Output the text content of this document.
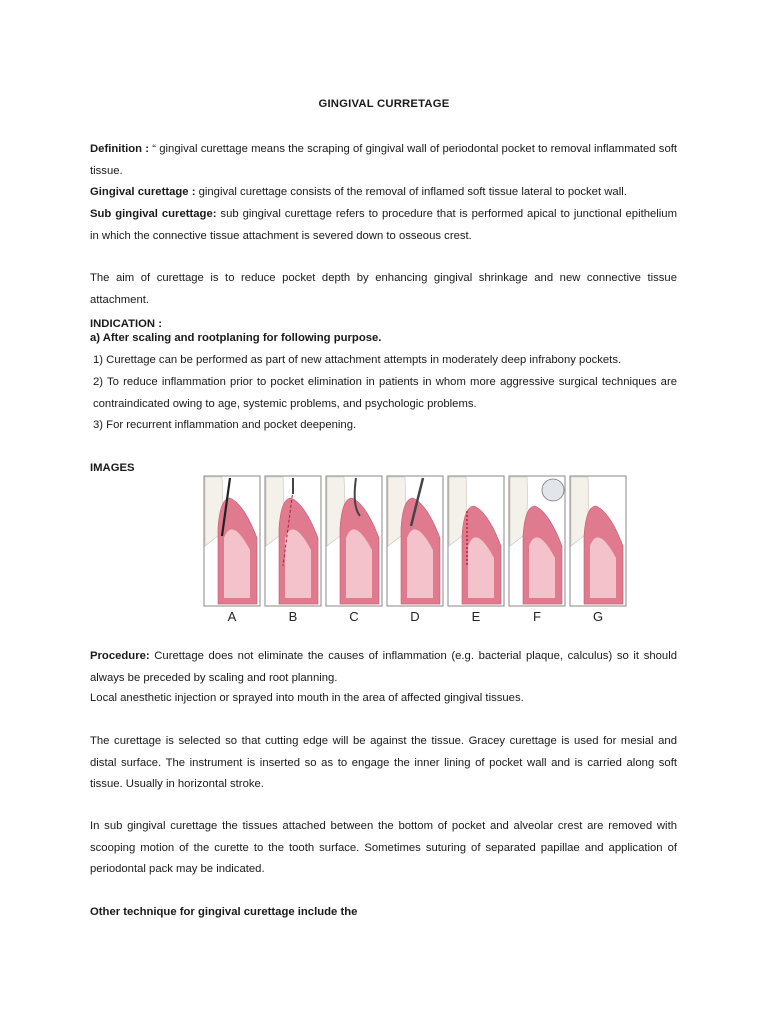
GINGIVAL CURRETAGE
Definition : “ gingival curettage means the scraping of gingival wall of periodontal pocket to removal inflammated soft tissue.
Gingival curettage : gingival curettage consists of the removal of inflamed soft tissue lateral to pocket wall.
Sub gingival curettage: sub gingival curettage refers to procedure that is performed apical to junctional epithelium in which the connective tissue attachment is severed down to osseous crest.
The aim of curettage is to reduce pocket depth by enhancing gingival shrinkage and new connective tissue attachment.
INDICATION :
a) After scaling and rootplaning for following purpose.
1) Curettage can be performed as part of new attachment attempts in moderately deep infrabony pockets.
2) To reduce inflammation prior to pocket elimination in patients in whom more aggressive surgical techniques are contraindicated owing to age, systemic problems, and psychologic problems.
3) For recurrent inflammation and pocket deepening.
IMAGES
A	B	C	D	E	F	G
Procedure: Curettage does not eliminate the causes of inflammation (e.g. bacterial plaque, calculus) so it should always be preceded by scaling and root planning.
Local anesthetic injection or sprayed into mouth in the area of affected gingival tissues.
The curettage is selected so that cutting edge will be against the tissue. Gracey curettage is used for mesial and distal surface. The instrument is inserted so as to engage the inner lining of pocket wall and is carried along soft tissue. Usually in horizontal stroke.
In sub gingival curettage the tissues attached between the bottom of pocket and alveolar crest are removed with scooping motion of the curette to the tooth surface. Sometimes suturing of separated papillae and application of periodontal pack may be indicated.
Other technique for gingival curettage include the
